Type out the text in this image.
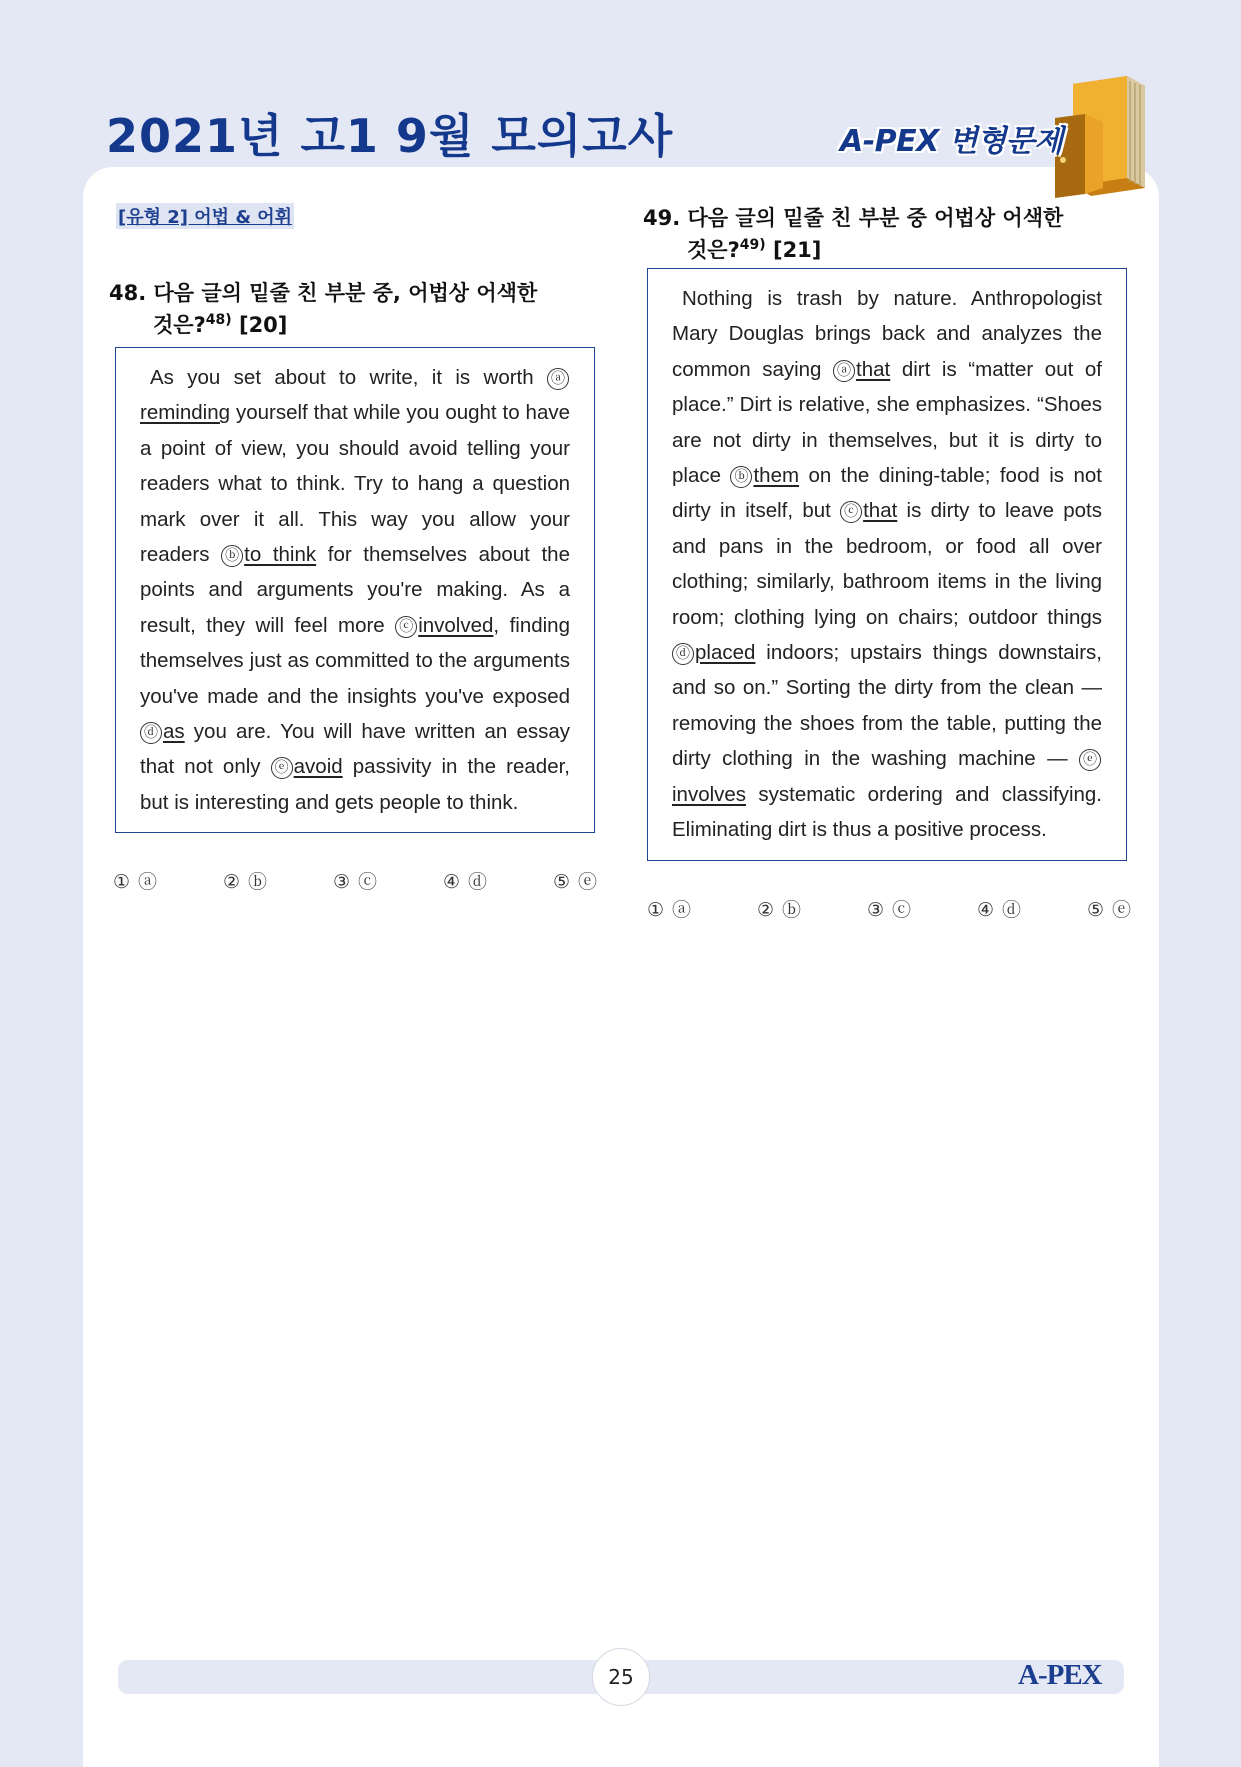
2021년 고1 9월 모의고사	A-PEX 변형문제
[유형 2] 어법 & 어휘

48. 다음 글의 밑줄 친 부분 중, 어법상 어색한
것은?$^{48)}$ [20]

As you set about to write, it is worth ⓐreminding yourself that while you ought to have a point of view, you should avoid telling your readers what to think. Try to hang a question mark over it all. This way you allow your readers ⓑ to think for themselves about the points and arguments you're making. As a result, they will feel more ⓒ involved, finding themselves just as committed to the arguments you've made and the insights you've exposed ⓓ as you are. You will have written an essay that not only ⓔ avoid passivity in the reader, but is interesting and gets people to think.
① ⓐ	② ⓑ	③ ⓒ	④ ⓓ	⑤ ⓔ

49. 다음 글의 밑줄 친 부분 중 어법상 어색한
것은?$^{49)}$ [21]

Nothing is trash by nature. Anthropologist Mary Douglas brings back and analyzes the common saying ⓐ that dirt is “matter out of place.” Dirt is relative, she emphasizes. “Shoes are not dirty in themselves, but it is dirty to place ⓑ them on the dining-table; food is not dirty in itself, but ⓒ that is dirty to leave pots and pans in the bedroom, or food all over clothing; similarly, bathroom items in the living room; clothing lying on chairs; outdoor things ⓓ placed indoors; upstairs things downstairs, and so on.” Sorting the dirty from the clean — removing the shoes from the table, putting the dirty clothing in the washing machine — ⓔinvolves systematic ordering and classifying. Eliminating dirt is thus a positive process.
① ⓐ	② ⓑ	③ ⓒ	④ ⓓ	⑤ ⓔ
25	A-PEX
